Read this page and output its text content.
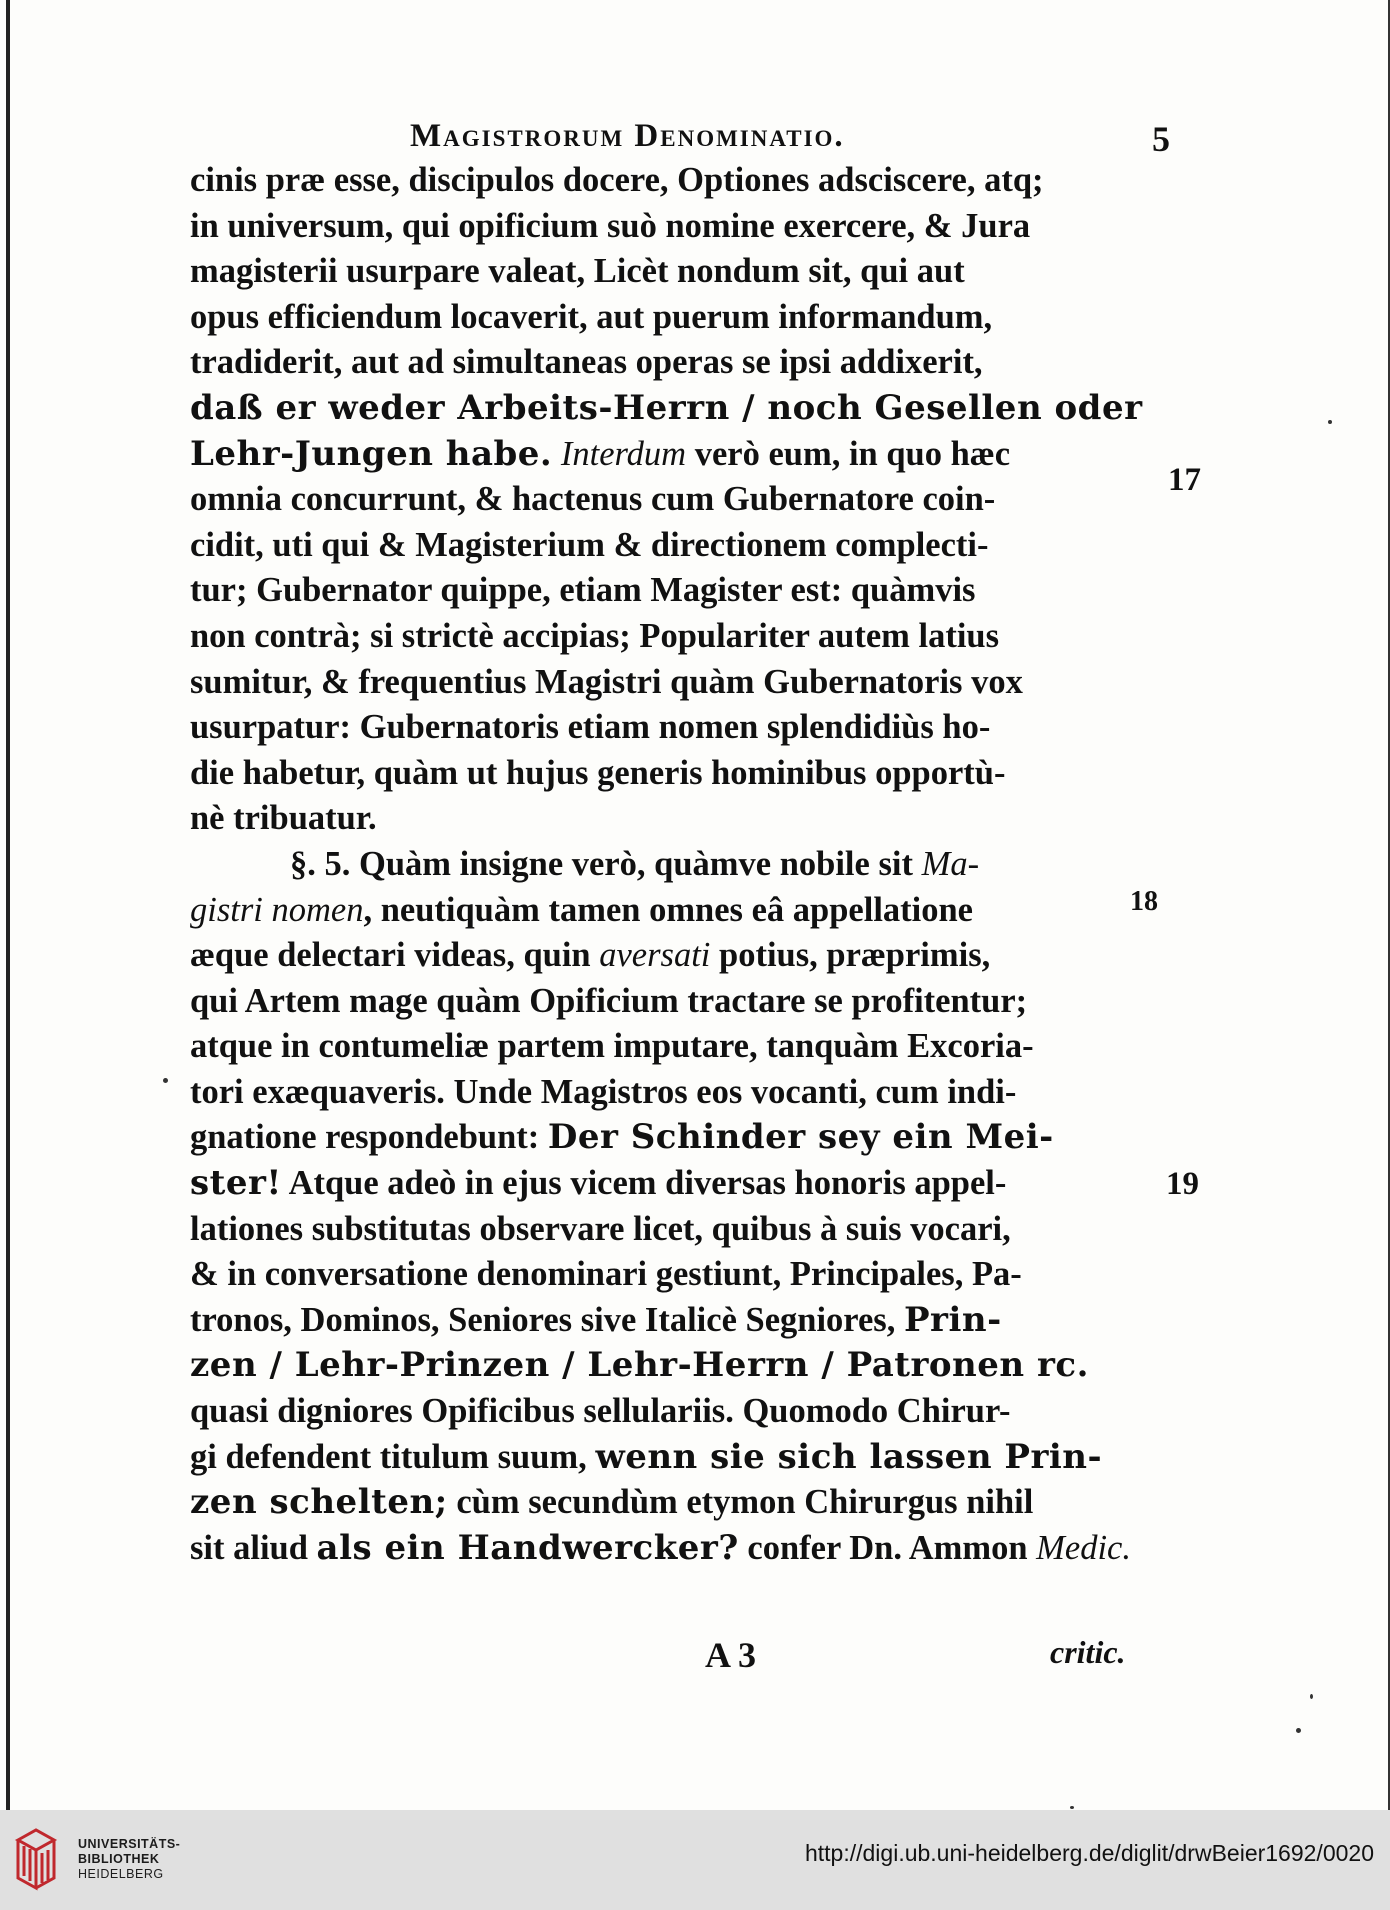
Magistrorum Denominatio.	5
cinis præ esse, discipulos docere, Optiones adsciscere, atq;
in universum, qui opificium suò nomine exercere, & Jura
magisterii usurpare valeat, Licèt nondum sit, qui aut
opus efficiendum locaverit, aut puerum informandum,
tradiderit, aut ad simultaneas operas se ipsi addixerit,
daß er weder Arbeits-Herrn / noch Gesellen oder
Lehr-Jungen habe. Interdum verò eum, in quo hæc
omnia concurrunt, & hactenus cum Gubernatore coin-
cidit, uti qui & Magisterium & directionem complecti-
tur; Gubernator quippe, etiam Magister est: quàmvis
non contrà; si strictè accipias; Populariter autem latius
sumitur, & frequentius Magistri quàm Gubernatoris vox
usurpatur: Gubernatoris etiam nomen splendidiùs ho-
die habetur, quàm ut hujus generis hominibus opportù-
nè tribuatur.
§. 5. Quàm insigne verò, quàmve nobile sit Ma-
gistri nomen, neutiquàm tamen omnes eâ appellatione
æque delectari videas, quin aversati potius, præprimis,
qui Artem mage quàm Opificium tractare se profitentur;
atque in contumeliæ partem imputare, tanquàm Excoria-
tori exæquaveris. Unde Magistros eos vocanti, cum indi-
gnatione respondebunt: Der Schinder sey ein Mei-
ster! Atque adeò in ejus vicem diversas honoris appel-
lationes substitutas observare licet, quibus à suis vocari,
& in conversatione denominari gestiunt, Principales, Pa-
tronos, Dominos, Seniores sive Italicè Segniores, Prin-
zen / Lehr-Prinzen / Lehr-Herrn / Patronen rc.
quasi digniores Opificibus sellulariis. Quomodo Chirur-
gi defendent titulum suum, wenn sie sich lassen Prin-
zen schelten; cùm secundùm etymon Chirurgus nihil
sit aliud als ein Handwercker? confer Dn. Ammon Medic.
17
18
19
A 3	critic.
UNIVERSITÄTS-
BIBLIOTHEK
HEIDELBERG
http://digi.ub.uni-heidelberg.de/diglit/drwBeier1692/0020
